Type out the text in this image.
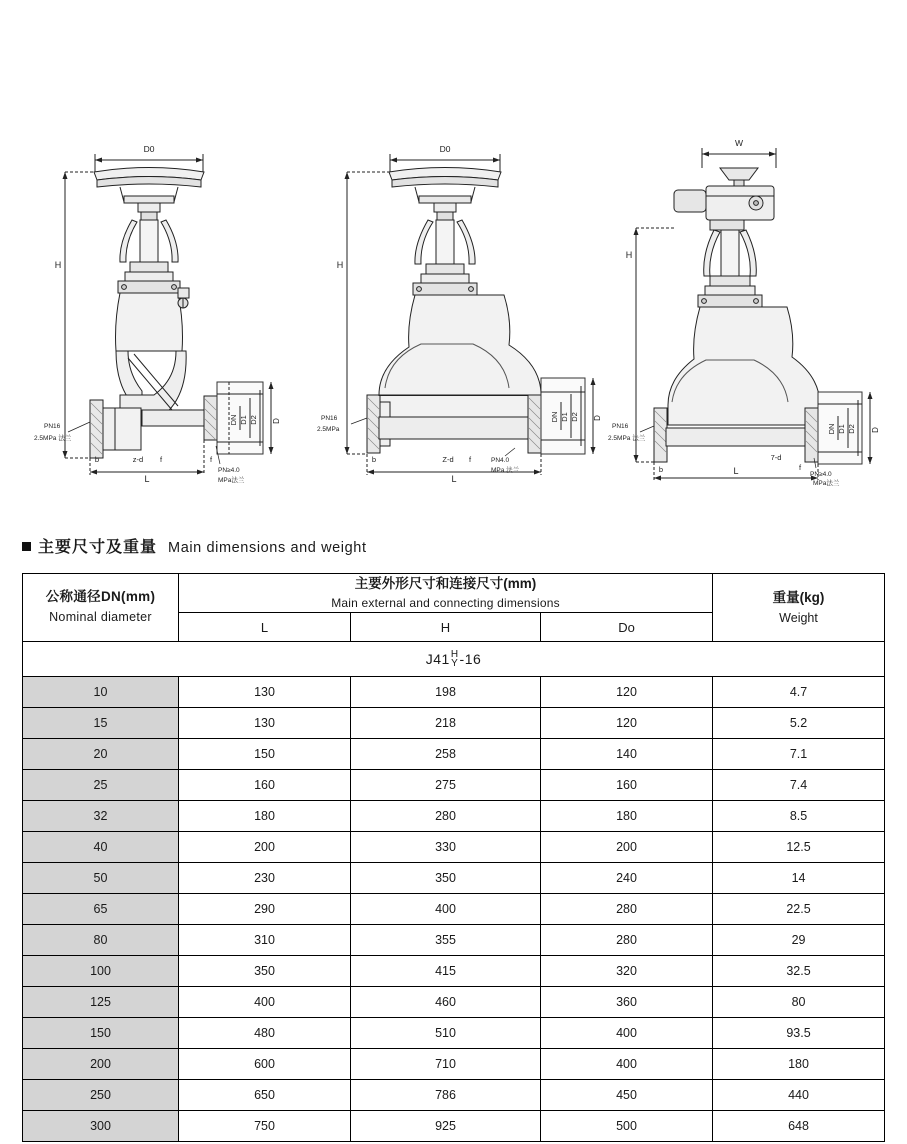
D0
D
D2
D1
DN
H
L
b	f	f
z-d
PN16
2.5MPa 法兰
PN≥4.0
MPa法兰
D0
D
D2
D1
DN
H
L
b	f
Z-d
PN16
2.5MPa
PN4.0
MPa 法兰
W
D
D2
D1
DN
H
L
b	f
7-d
PN16
2.5MPa 法兰
PN≥4.0
MPa法兰
主要尺寸及重量 Main dimensions and weight
公称通径DN(mm)
Nominal diameter

主要外形尺寸和连接尺寸(mm)
Main external and connecting dimensions	重量(kg)
Weight

	L	H	Do	

J41 H
Y -16				

10	130	198	120	4.7
15	130	218	120	5.2
20	150	258	140	7.1
25	160	275	160	7.4
32	180	280	180	8.5
40	200	330	200	12.5
50	230	350	240	14
65	290	400	280	22.5
80	310	355	280	29
100	350	415	320	32.5
125	400	460	360	80
150	480	510	400	93.5
200	600	710	400	180
250	650	786	450	440
300	750	925	500	648
